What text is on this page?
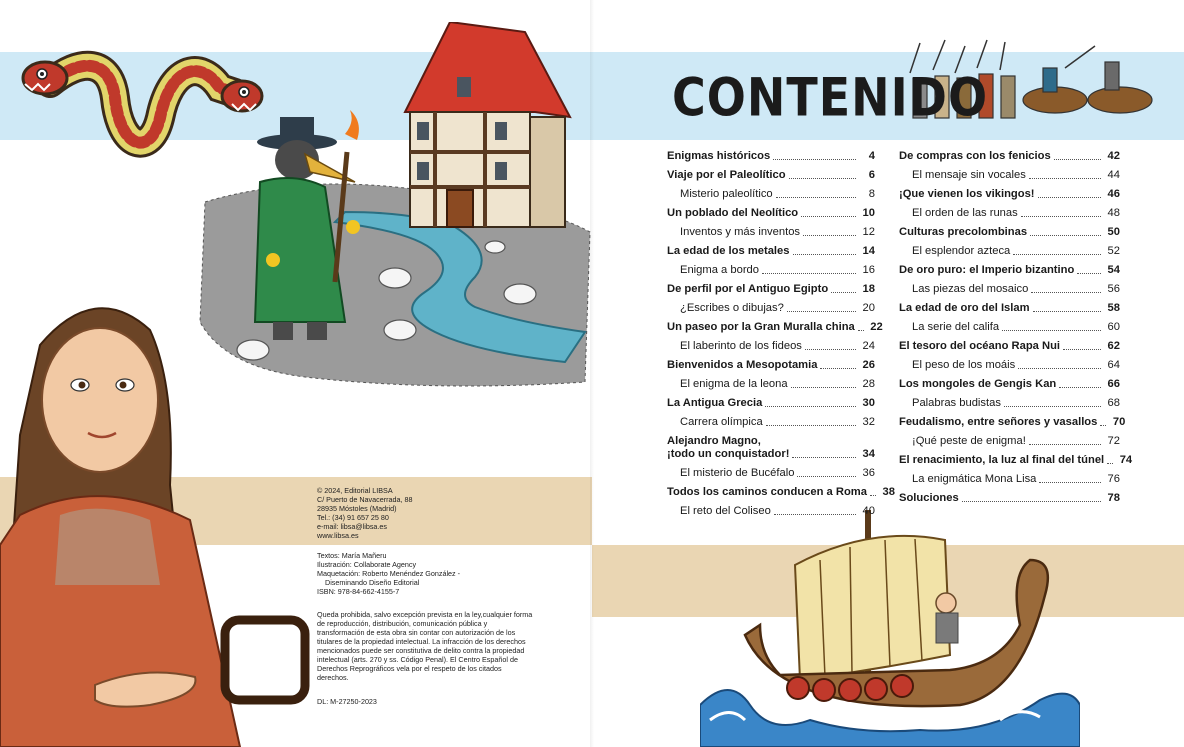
CONTENIDO
Enigmas históricos	4
Viaje por el Paleolítico	6
Misterio paleolítico	8
Un poblado del Neolítico	10
Inventos y más inventos	12
La edad de los metales	14
Enigma a bordo	16
De perfil por el Antiguo Egipto	18
¿Escribes o dibujas?	20
Un paseo por la Gran Muralla china	22
El laberinto de los fideos	24
Bienvenidos a Mesopotamia	26
El enigma de la leona	28
La Antigua Grecia	30
Carrera olímpica	32
Alejandro Magno,
¡todo un conquistador!	34
El misterio de Bucéfalo	36
Todos los caminos conducen a Roma	38
El reto del Coliseo	40
De compras con los fenicios	42
El mensaje sin vocales	44
¡Que vienen los vikingos!	46
El orden de las runas	48
Culturas precolombinas	50
El esplendor azteca	52
De oro puro: el Imperio bizantino	54
Las piezas del mosaico	56
La edad de oro del Islam	58
La serie del califa	60
El tesoro del océano Rapa Nui	62
El peso de los moáis	64
Los mongoles de Gengis Kan	66
Palabras budistas	68
Feudalismo, entre señores y vasallos	70
¡Qué peste de enigma!	72
El renacimiento, la luz al final del túnel	74
La enigmática Mona Lisa	76
Soluciones	78
© 2024, Editorial LIBSA
C/ Puerto de Navacerrada, 88
28935 Móstoles (Madrid)
Tel.: (34) 91 657 25 80
e-mail: libsa@libsa.es
www.libsa.es
Textos: María Mañeru
Ilustración: Collaborate Agency
Maquetación: Roberto Menéndez González -
Diseminando Diseño Editorial
ISBN: 978-84-662-4155-7
Queda prohibida, salvo excepción prevista en la ley,cualquier forma de reproducción, distribución, comunicación pública y transformación de esta obra sin contar con autorización de los titulares de la propiedad intelectual. La infracción de los derechos mencionados puede ser constitutiva de delito contra la propiedad intelectual (arts. 270 y ss. Código Penal). El Centro Español de Derechos Reprográficos vela por el respeto de los citados derechos.
DL: M-27250-2023
